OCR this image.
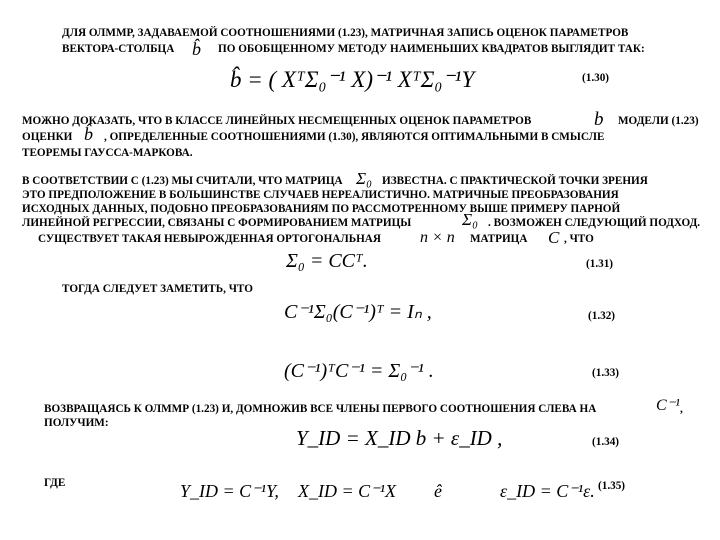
ДЛЯ ОЛММР, ЗАДАВАЕМОЙ СООТНОШЕНИЯМИ (1.23), МАТРИЧНАЯ ЗАПИСЬ ОЦЕНОК ПАРАМЕТРОВ
ВЕКТОРА-СТОЛБЦА b̂ ПО ОБОБЩЕННОМУ МЕТОДУ НАИМЕНЬШИХ КВАДРАТОВ ВЫГЛЯДИТ ТАК:
b̂ = ( XᵀΣ₀⁻¹ X)⁻¹ XᵀΣ₀⁻¹Y	(1.30)
МОЖНО ДОКАЗАТЬ, ЧТО В КЛАССЕ ЛИНЕЙНЫХ НЕСМЕЩЕННЫХ ОЦЕНОК ПАРАМЕТРОВ	b МОДЕЛИ (1.23)
ОЦЕНКИ b̂ , ОПРЕДЕЛЕННЫЕ СООТНОШЕНИЯМИ (1.30), ЯВЛЯЮТСЯ ОПТИМАЛЬНЫМИ В СМЫСЛЕ
ТЕОРЕМЫ ГАУССА-МАРКОВА.
В СООТВЕТСТВИИ С (1.23) МЫ СЧИТАЛИ, ЧТО МАТРИЦА Σ₀ ИЗВЕСТНА. С ПРАКТИЧЕСКОЙ ТОЧКИ ЗРЕНИЯ
ЭТО ПРЕДПОЛОЖЕНИЕ В БОЛЬШИНСТВЕ СЛУЧАЕВ НЕРЕАЛИСТИЧНО. МАТРИЧНЫЕ ПРЕОБРАЗОВАНИЯ
ИСХОДНЫХ ДАННЫХ, ПОДОБНО ПРЕОБРАЗОВАНИЯМ ПО РАССМОТРЕННОМУ ВЫШЕ ПРИМЕРУ ПАРНОЙ
ЛИНЕЙНОЙ РЕГРЕССИИ, СВЯЗАНЫ С ФОРМИРОВАНИЕМ МАТРИЦЫ	Σ₀ . ВОЗМОЖЕН СЛЕДУЮЩИЙ ПОДХОД.
СУЩЕСТВУЕТ ТАКАЯ НЕВЫРОЖДЕННАЯ ОРТОГОНАЛЬНАЯ n × n МАТРИЦА C , ЧТО
Σ₀ = CCᵀ.	(1.31)
ТОГДА СЛЕДУЕТ ЗАМЕТИТЬ, ЧТО
C⁻¹Σ₀(C⁻¹)ᵀ = Iₙ ,	(1.32)
(C⁻¹)ᵀC⁻¹ = Σ₀⁻¹ .	(1.33)
ВОЗВРАЩАЯСЬ К ОЛММР (1.23) И, ДОМНОЖИВ ВСЕ ЧЛЕНЫ ПЕРВОГО СООТНОШЕНИЯ СЛЕВА НА	C⁻¹ ,
ПОЛУЧИМ:
Y_ID = X_ID b + ε_ID ,	(1.34)
ГДЕ	Y_ID = C⁻¹Y, X_ID = C⁻¹X ê	ε_ID = C⁻¹ε. (1.35)
